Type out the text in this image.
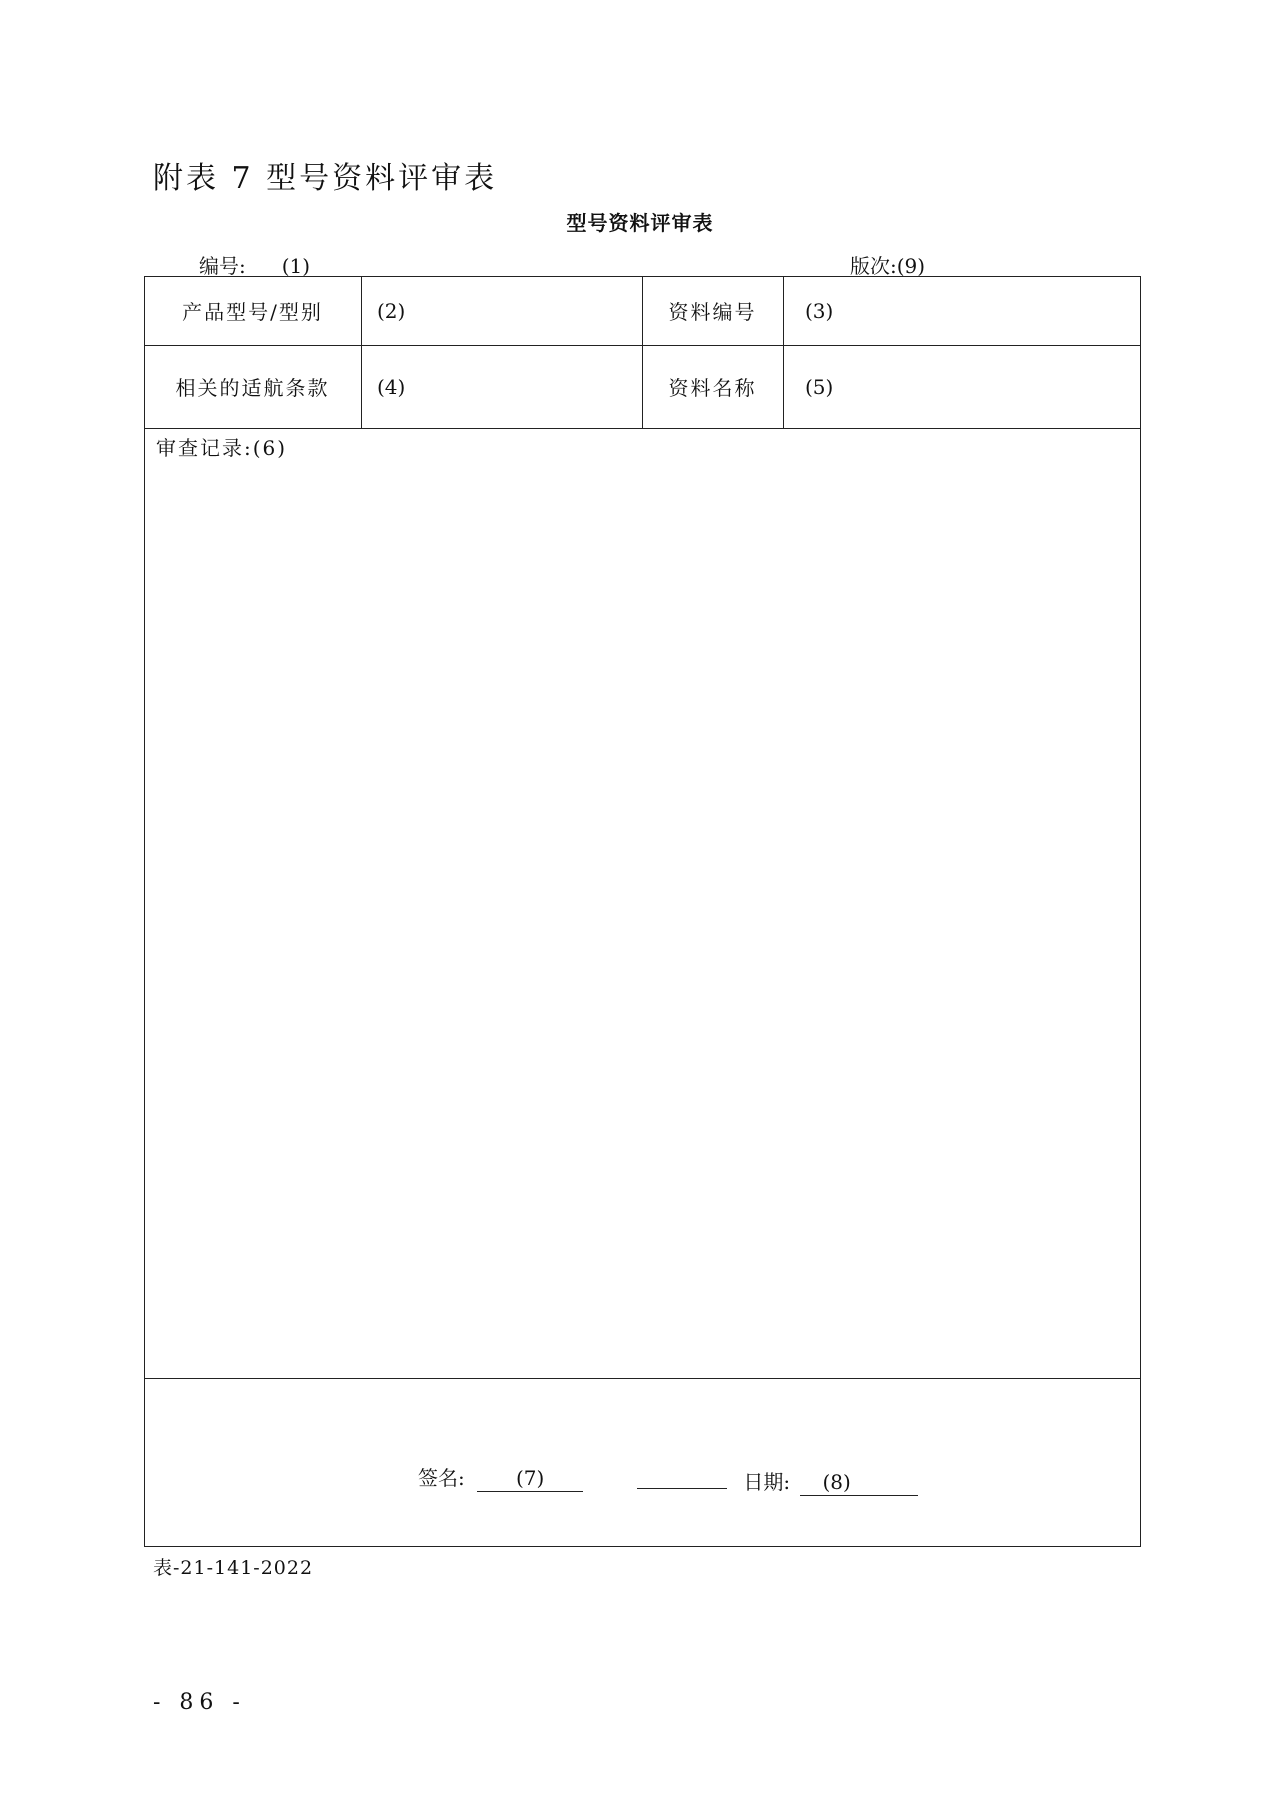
附表 7 型号资料评审表
型号资料评审表
编号: (1)	版次:(9)
产品型号/型别	(2)	资料编号	(3)
相关的适航条款	(4)	资料名称	(5)
审查记录:(6)
签名:	(7)	日期: (8)
表-21-141-2022
- 86 -
